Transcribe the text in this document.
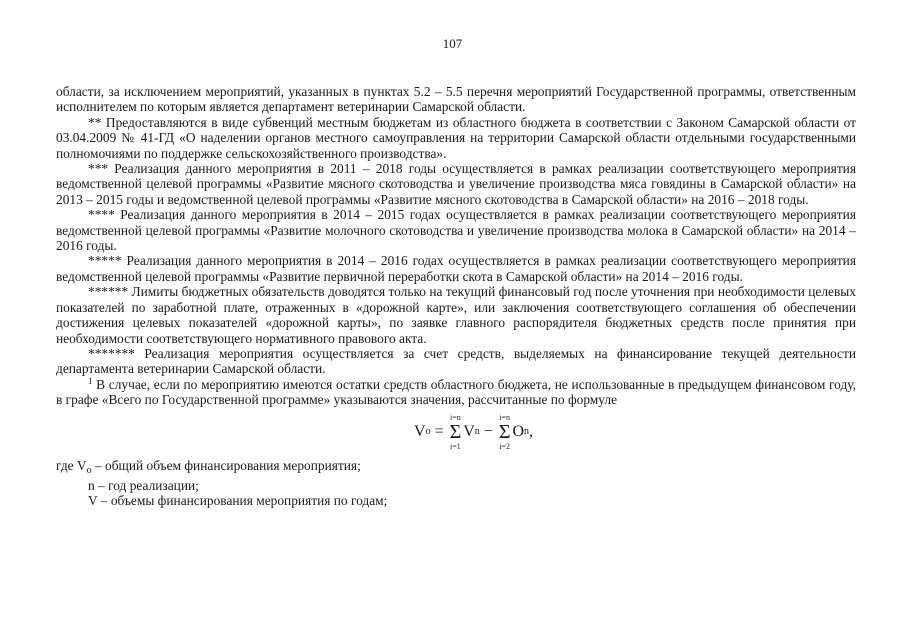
107

области, за исключением мероприятий, указанных в пунктах 5.2 – 5.5 перечня мероприятий Государственной программы, ответственным исполнителем по которым является департамент ветеринарии Самарской области.

** Предоставляются в виде субвенций местным бюджетам из областного бюджета в соответствии с Законом Самарской области от 03.04.2009 № 41-ГД «О наделении органов местного самоуправления на территории Самарской области отдельными государственными полномочиями по поддержке сельскохозяйственного производства».

*** Реализация данного мероприятия в 2011 – 2018 годы осуществляется в рамках реализации соответствующего мероприятия ведомственной целевой программы «Развитие мясного скотоводства и увеличение производства мяса говядины в Самарской области» на 2013 – 2015 годы и ведомственной целевой программы «Развитие мясного скотоводства в Самарской области» на 2016 – 2018 годы.

**** Реализация данного мероприятия в 2014 – 2015 годах осуществляется в рамках реализации соответствующего мероприятия ведомственной целевой программы «Развитие молочного скотоводства и увеличение производства молока в Самарской области» на 2014 – 2016 годы.

***** Реализация данного мероприятия в 2014 – 2016 годах осуществляется в рамках реализации соответствующего мероприятия ведомственной целевой программы «Развитие первичной переработки скота в Самарской области» на 2014 – 2016 годы.

****** Лимиты бюджетных обязательств доводятся только на текущий финансовый год после уточнения при необходимости целевых показателей по заработной плате, отраженных в «дорожной карте», или заключения соответствующего соглашения об обеспечении достижения целевых показателей «дорожной карты», по заявке главного распорядителя бюджетных средств после принятия при необходимости соответствующего нормативного правового акта.

******* Реализация мероприятия осуществляется за счет средств, выделяемых на финансирование текущей деятельности департамента ветеринарии Самарской области.

$^1$ В случае, если по мероприятию имеются остатки средств областного бюджета, не использованные в предыдущем финансовом году, в графе «Всего по Государственной программе» указываются значения, рассчитанные по формуле

V o =
i=n
Σ
i=1
V n −
i=n
Σ
i=2
O n ,

где $V_o$ – общий объем финансирования мероприятия;

n – год реализации;

V – объемы финансирования мероприятия по годам;
